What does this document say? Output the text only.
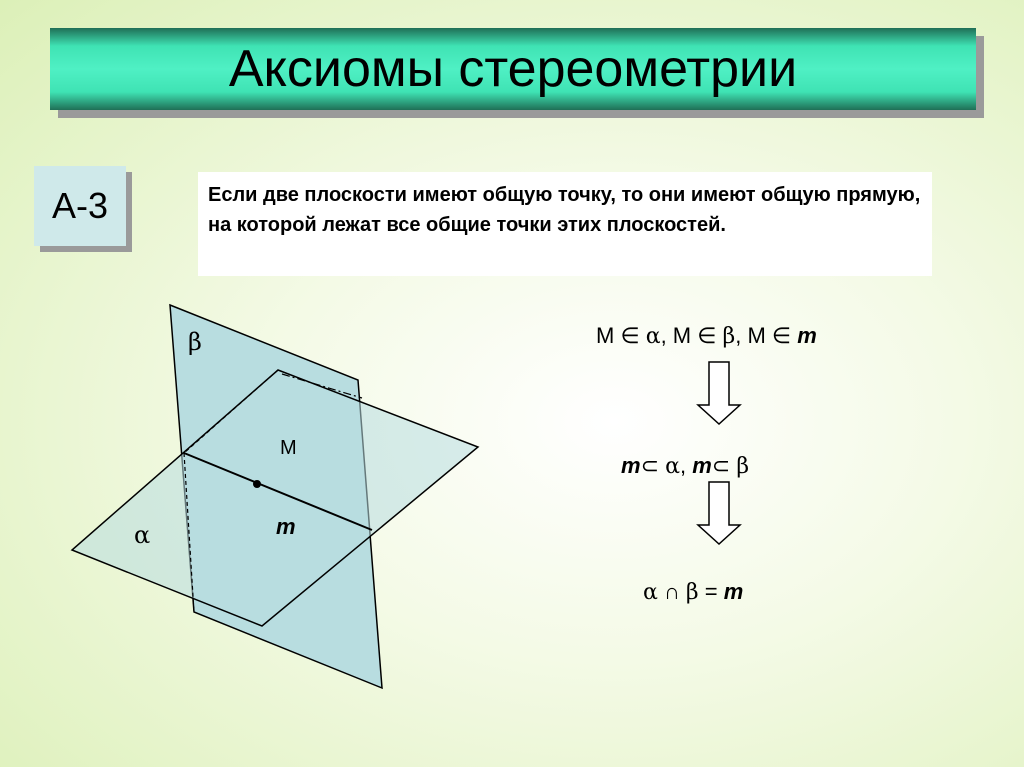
Аксиомы стереометрии
А-3	Если две плоскости имеют общую точку, то они имеют общую прямую, на которой лежат все общие точки этих плоскостей.
β
α
M
m
M ∈ α, M ∈ β, M ∈ m
m⊂ α, m⊂ β
α ∩ β = m
